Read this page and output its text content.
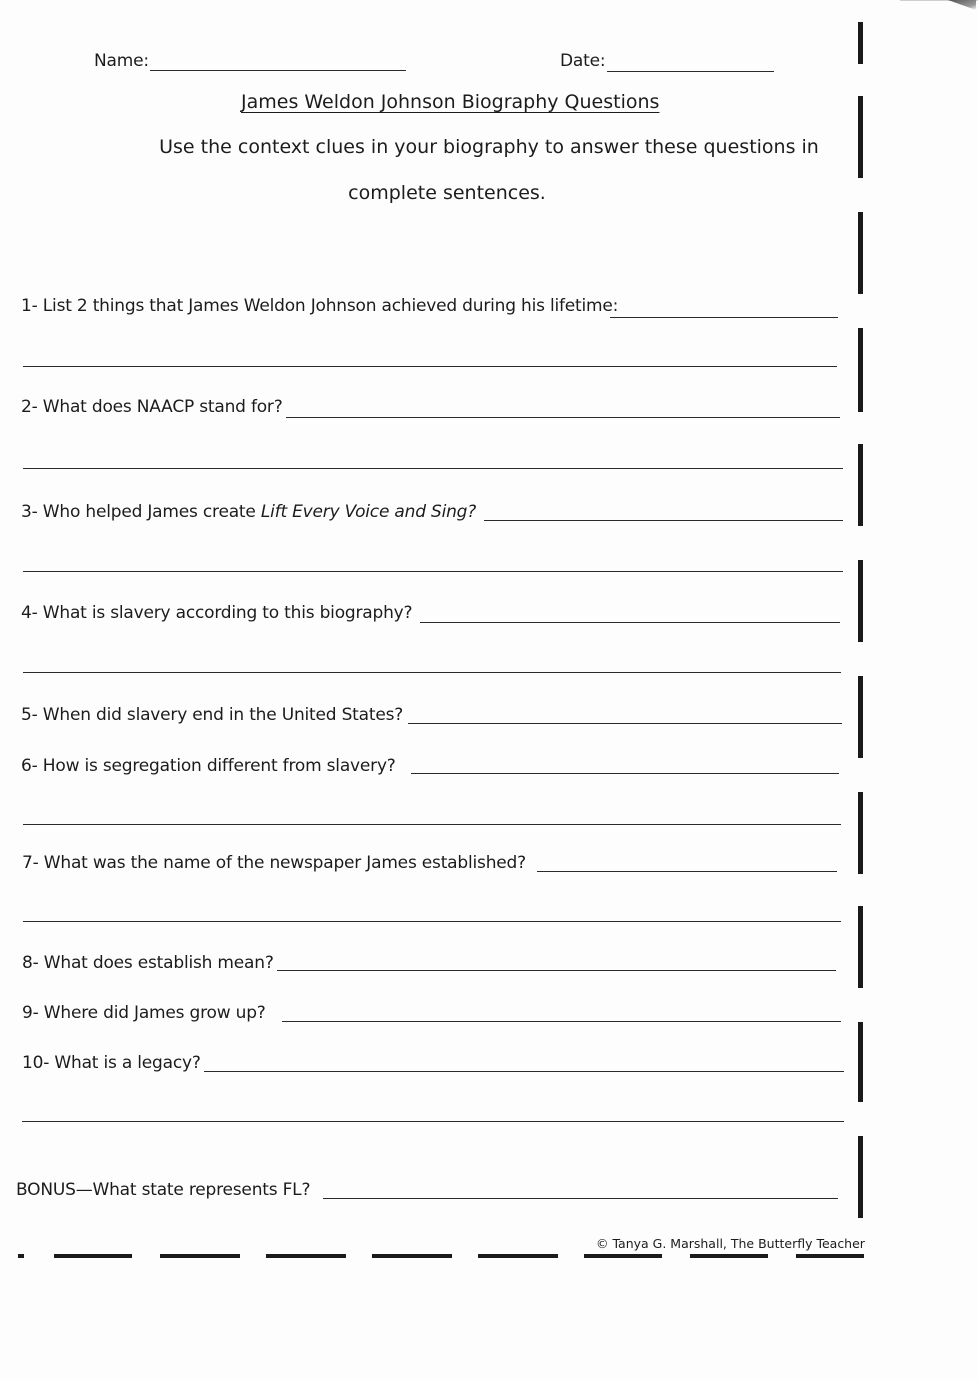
Name:	Date:
James Weldon Johnson Biography Questions
Use the context clues in your biography to answer these questions in
complete sentences.
1- List 2 things that James Weldon Johnson achieved during his lifetime:
2- What does NAACP stand for?
3- Who helped James create Lift Every Voice and Sing?
4- What is slavery according to this biography?
5- When did slavery end in the United States?
6- How is segregation different from slavery?
7- What was the name of the newspaper James established?
8- What does establish mean?
9- Where did James grow up?
10- What is a legacy?
BONUS—What state represents FL?
© Tanya G. Marshall, The Butterfly Teacher
